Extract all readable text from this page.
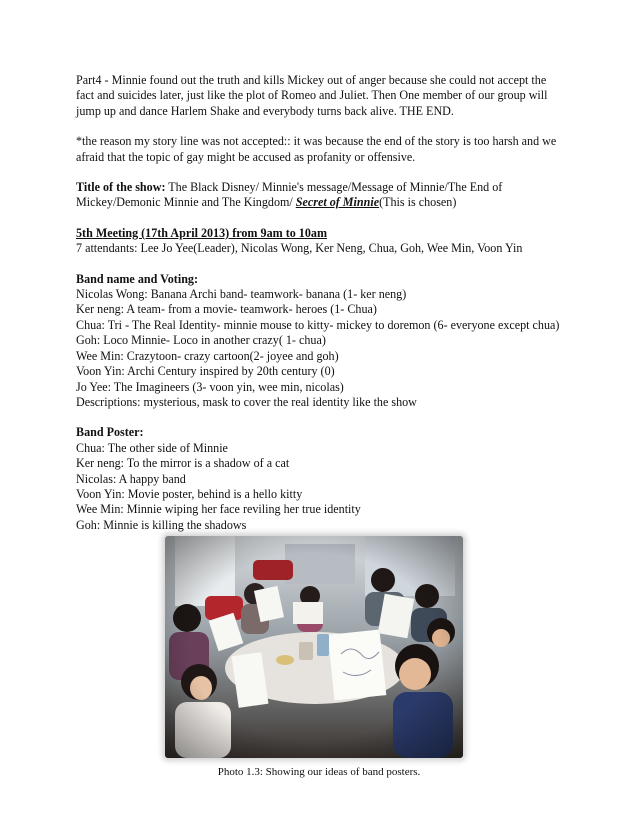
Part4 - Minnie found out the truth and kills Mickey out of anger because she could not accept the fact and suicides later, just like the plot of Romeo and Juliet. Then One member of our group will jump up and dance Harlem Shake and everybody turns back alive. THE END.

*the reason my story line was not accepted:: it was because the end of the story is too harsh and we afraid that the topic of gay might be accused as profanity or offensive.

Title of the show: The Black Disney/ Minnie's message/Message of Minnie/The End of Mickey/Demonic Minnie and The Kingdom/ Secret of Minnie(This is chosen)

5th Meeting (17th April 2013) from 9am to 10am

7 attendants: Lee Jo Yee(Leader), Nicolas Wong, Ker Neng, Chua, Goh, Wee Min, Voon Yin

Band name and Voting:

Nicolas Wong: Banana Archi band- teamwork- banana (1- ker neng)

Ker neng: A team- from a movie- teamwork- heroes (1- Chua)

Chua: Tri - The Real Identity- minnie mouse to kitty- mickey to doremon (6- everyone except chua)

Goh: Loco Minnie- Loco in another crazy( 1- chua)

Wee Min: Crazytoon- crazy cartoon(2- joyee and goh)

Voon Yin: Archi Century inspired by 20th century (0)

Jo Yee: The Imagineers (3- voon yin, wee min, nicolas)

Descriptions: mysterious, mask to cover the real identity like the show

Band Poster:

Chua: The other side of Minnie

Ker neng: To the mirror is a shadow of a cat

Nicolas: A happy band

Voon Yin: Movie poster, behind is a hello kitty

Wee Min: Minnie wiping her face reviling her true identity

Goh: Minnie is killing the shadows

Photo 1.3: Showing our ideas of band posters.
